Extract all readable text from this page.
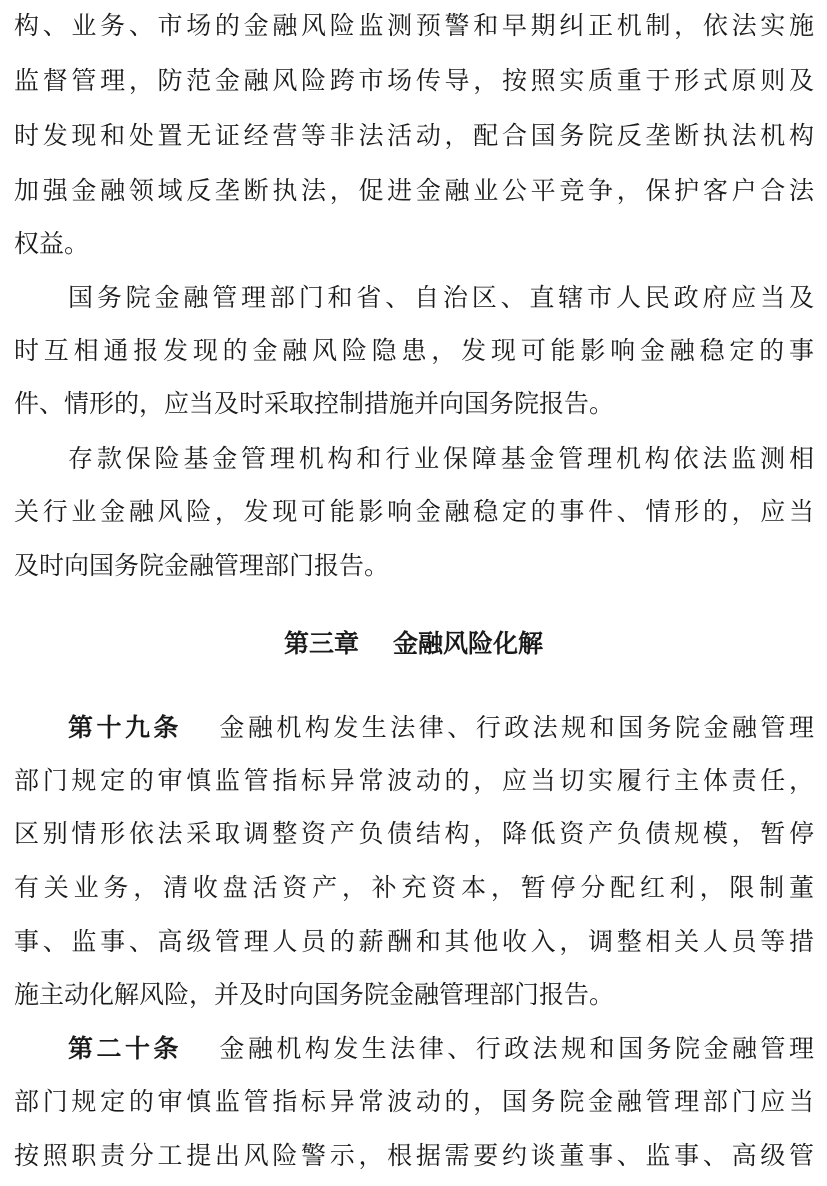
构、业务、市场的金融风险监测预警和早期纠正机制，依法实施
监督管理，防范金融风险跨市场传导，按照实质重于形式原则及
时发现和处置无证经营等非法活动，配合国务院反垄断执法机构
加强金融领域反垄断执法，促进金融业公平竞争，保护客户合法
权益。
国务院金融管理部门和省、自治区、直辖市人民政府应当及
时互相通报发现的金融风险隐患，发现可能影响金融稳定的事
件、情形的，应当及时采取控制措施并向国务院报告。
存款保险基金管理机构和行业保障基金管理机构依法监测相
关行业金融风险，发现可能影响金融稳定的事件、情形的，应当
及时向国务院金融管理部门报告。
第三章 金融风险化解
第十九条 金融机构发生法律、行政法规和国务院金融管理
部门规定的审慎监管指标异常波动的，应当切实履行主体责任，
区别情形依法采取调整资产负债结构，降低资产负债规模，暂停
有关业务，清收盘活资产，补充资本，暂停分配红利，限制董
事、监事、高级管理人员的薪酬和其他收入，调整相关人员等措
施主动化解风险，并及时向国务院金融管理部门报告。
第二十条 金融机构发生法律、行政法规和国务院金融管理
部门规定的审慎监管指标异常波动的，国务院金融管理部门应当
按照职责分工提出风险警示，根据需要约谈董事、监事、高级管
